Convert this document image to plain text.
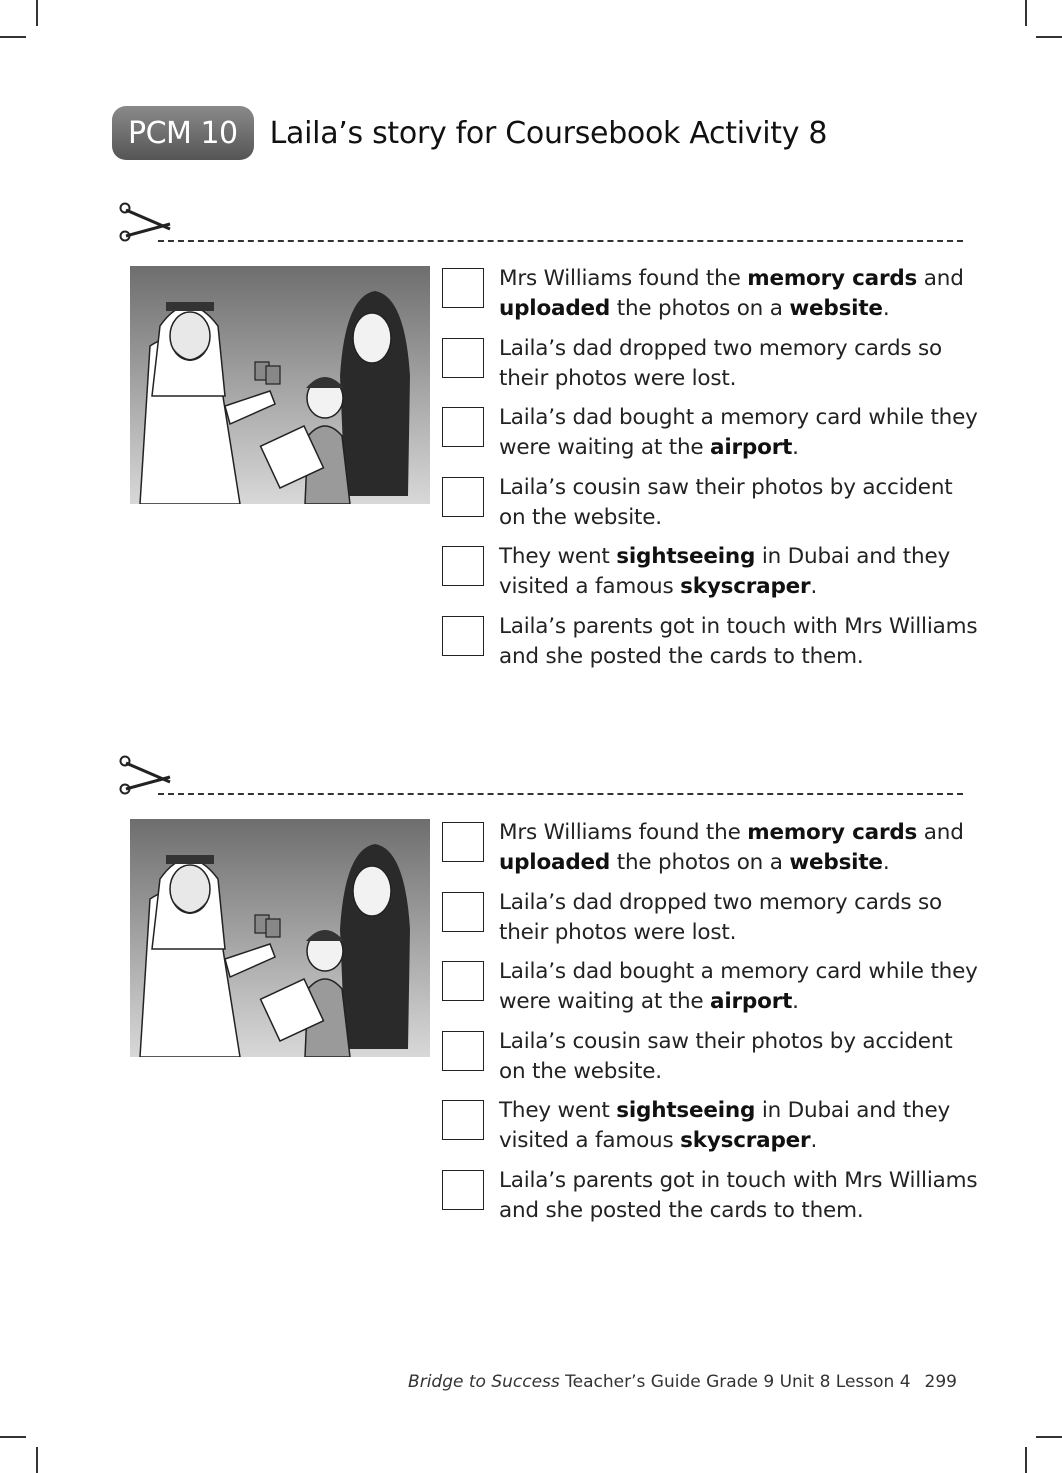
PCM 10	Laila’s story for Coursebook Activity 8
Mrs Williams found the memory cards and uploaded the photos on a website.
Laila’s dad dropped two memory cards so their photos were lost.
Laila’s dad bought a memory card while they were waiting at the airport.
Laila’s cousin saw their photos by accident on the website.
They went sightseeing in Dubai and they visited a famous skyscraper.
Laila’s parents got in touch with Mrs Williams and she posted the cards to them.
Mrs Williams found the memory cards and uploaded the photos on a website.
Laila’s dad dropped two memory cards so their photos were lost.
Laila’s dad bought a memory card while they were waiting at the airport.
Laila’s cousin saw their photos by accident on the website.
They went sightseeing in Dubai and they visited a famous skyscraper.
Laila’s parents got in touch with Mrs Williams and she posted the cards to them.
Bridge to Success Teacher’s Guide Grade 9 Unit 8 Lesson 4 299
